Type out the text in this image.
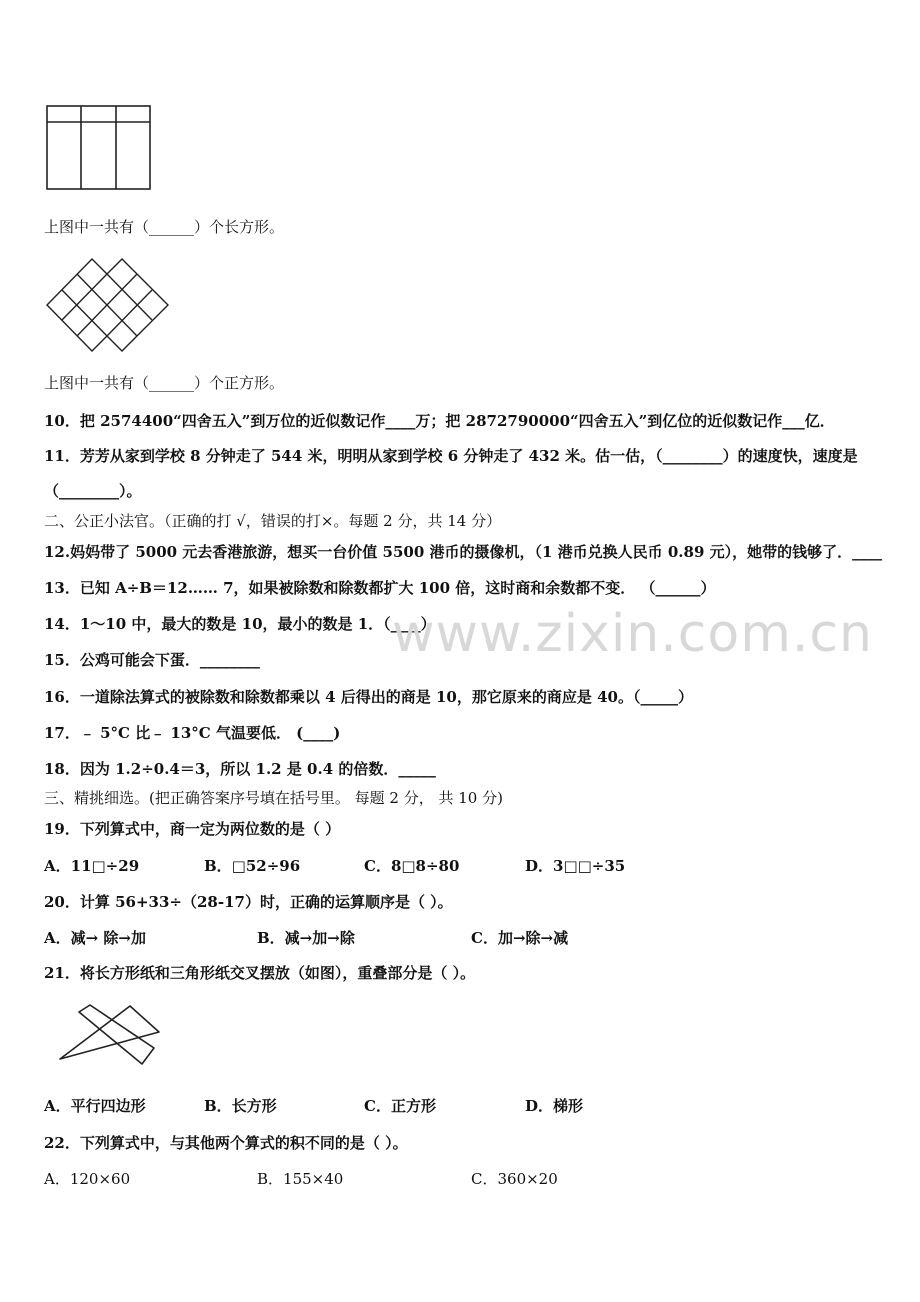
上图中一共有（______）个长方形。
上图中一共有（______）个正方形。
10．把 2574400“四舍五入”到万位的近似数记作____万；把 2872790000“四舍五入”到亿位的近似数记作___亿．
11．芳芳从家到学校 8 分钟走了 544 米，明明从家到学校 6 分钟走了 432 米。估一估，（________）的速度快，速度是
（________）。
二、公正小法官。（正确的打 √，错误的打×。每题 2 分，共 14 分）
12.妈妈带了 5000 元去香港旅游，想买一台价值 5500 港币的摄像机，（1 港币兑换人民币 0.89 元），她带的钱够了．____
13．已知 A÷B＝12…… 7，如果被除数和除数都扩大 100 倍，这时商和余数都不变． （______）
14．1～10 中，最大的数是 10，最小的数是 1．（____）
15．公鸡可能会下蛋．________
16．一道除法算式的被除数和除数都乘以 4 后得出的商是 10，那它原来的商应是 40。（_____）
17．﹣ 5°C 比﹣ 13°C 气温要低． (____)
18．因为 1.2÷0.4＝3，所以 1.2 是 0.4 的倍数．_____
三、精挑细选。(把正确答案序号填在括号里。 每题 2 分， 共 10 分)
19．下列算式中，商一定为两位数的是（ ）
A．11□÷29	B．□52÷96	C．8□8÷80	D．3□□÷35
20．计算 56+33÷（28-17）时，正确的运算顺序是（ ）。
A．减→ 除→加	B．减→加→除	C．加→除→减
21．将长方形纸和三角形纸交叉摆放（如图），重叠部分是（ ）。
A．平行四边形	B．长方形	C．正方形	D．梯形
22．下列算式中，与其他两个算式的积不同的是（ ）。
A．120×60	B．155×40	C．360×20
www.zixin.com.cn
